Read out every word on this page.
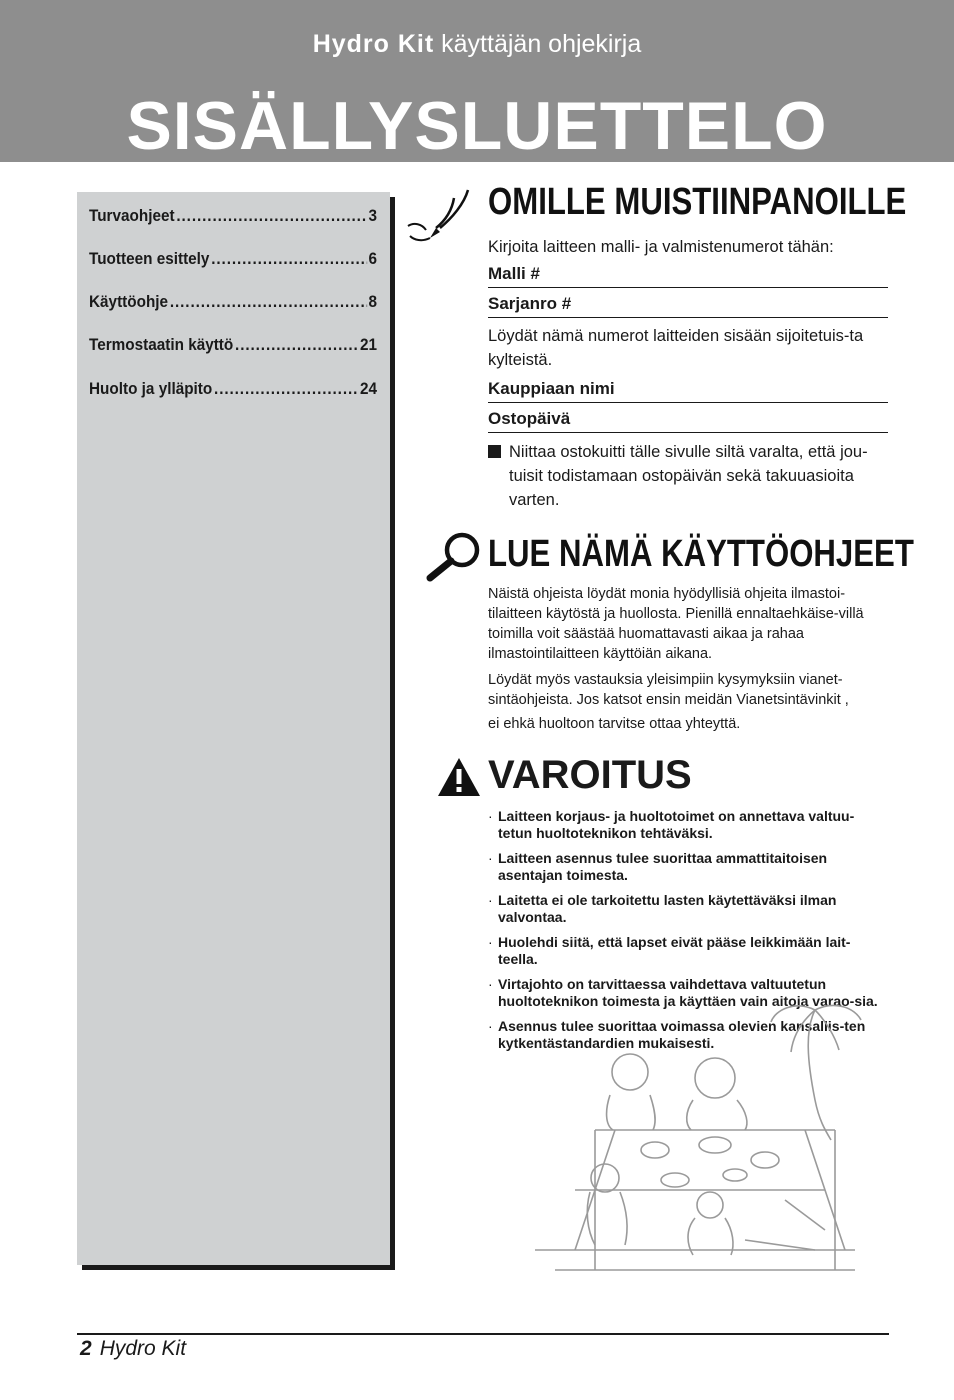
Hydro Kit käyttäjän ohjekirja
SISÄLLYSLUETTELO
Turvaohjeet .....	3
Tuotteen esittely .....	6
Käyttöohje .....	8
Termostaatin käyttö .....	21
Huolto ja ylläpito .....	24
OMILLE MUISTIINPANOILLE
Kirjoita laitteen malli- ja valmistenumerot tähän:
Malli #
Sarjanro #
Löydät nämä numerot laitteiden sisään sijoitetuis-ta kylteistä.
Kauppiaan nimi
Ostopäivä
Niittaa ostokuitti tälle sivulle siltä varalta, että jou-tuisit todistamaan ostopäivän sekä takuuasioita varten.
LUE NÄMÄ KÄYTTÖOHJEET
Näistä ohjeista löydät monia hyödyllisiä ohjeita ilmastoi-tilaitteen käytöstä ja huollosta. Pienillä ennaltaehkäise-villä toimilla voit säästää huomattavasti aikaa ja rahaa ilmastointilaitteen käyttöiän aikana.
Löydät myös vastauksia yleisimpiin kysymyksiin vianet-sintäohjeista. Jos katsot ensin meidän Vianetsintävinkit ,
ei ehkä huoltoon tarvitse ottaa yhteyttä.
VAROITUS
· Laitteen korjaus- ja huoltotoimet on annettava valtuu-tetun huoltoteknikon tehtäväksi.
· Laitteen asennus tulee suorittaa ammattitaitoisen asentajan toimesta.
· Laitetta ei ole tarkoitettu lasten käytettäväksi ilman valvontaa.
· Huolehdi siitä, että lapset eivät pääse leikkimään lait-teella.
· Virtajohto on tarvittaessa vaihdettava valtuutetun huoltoteknikon toimesta ja käyttäen vain aitoja varao-sia.
· Asennus tulee suorittaa voimassa olevien kansallis-ten kytkentästandardien mukaisesti.
2 Hydro Kit
